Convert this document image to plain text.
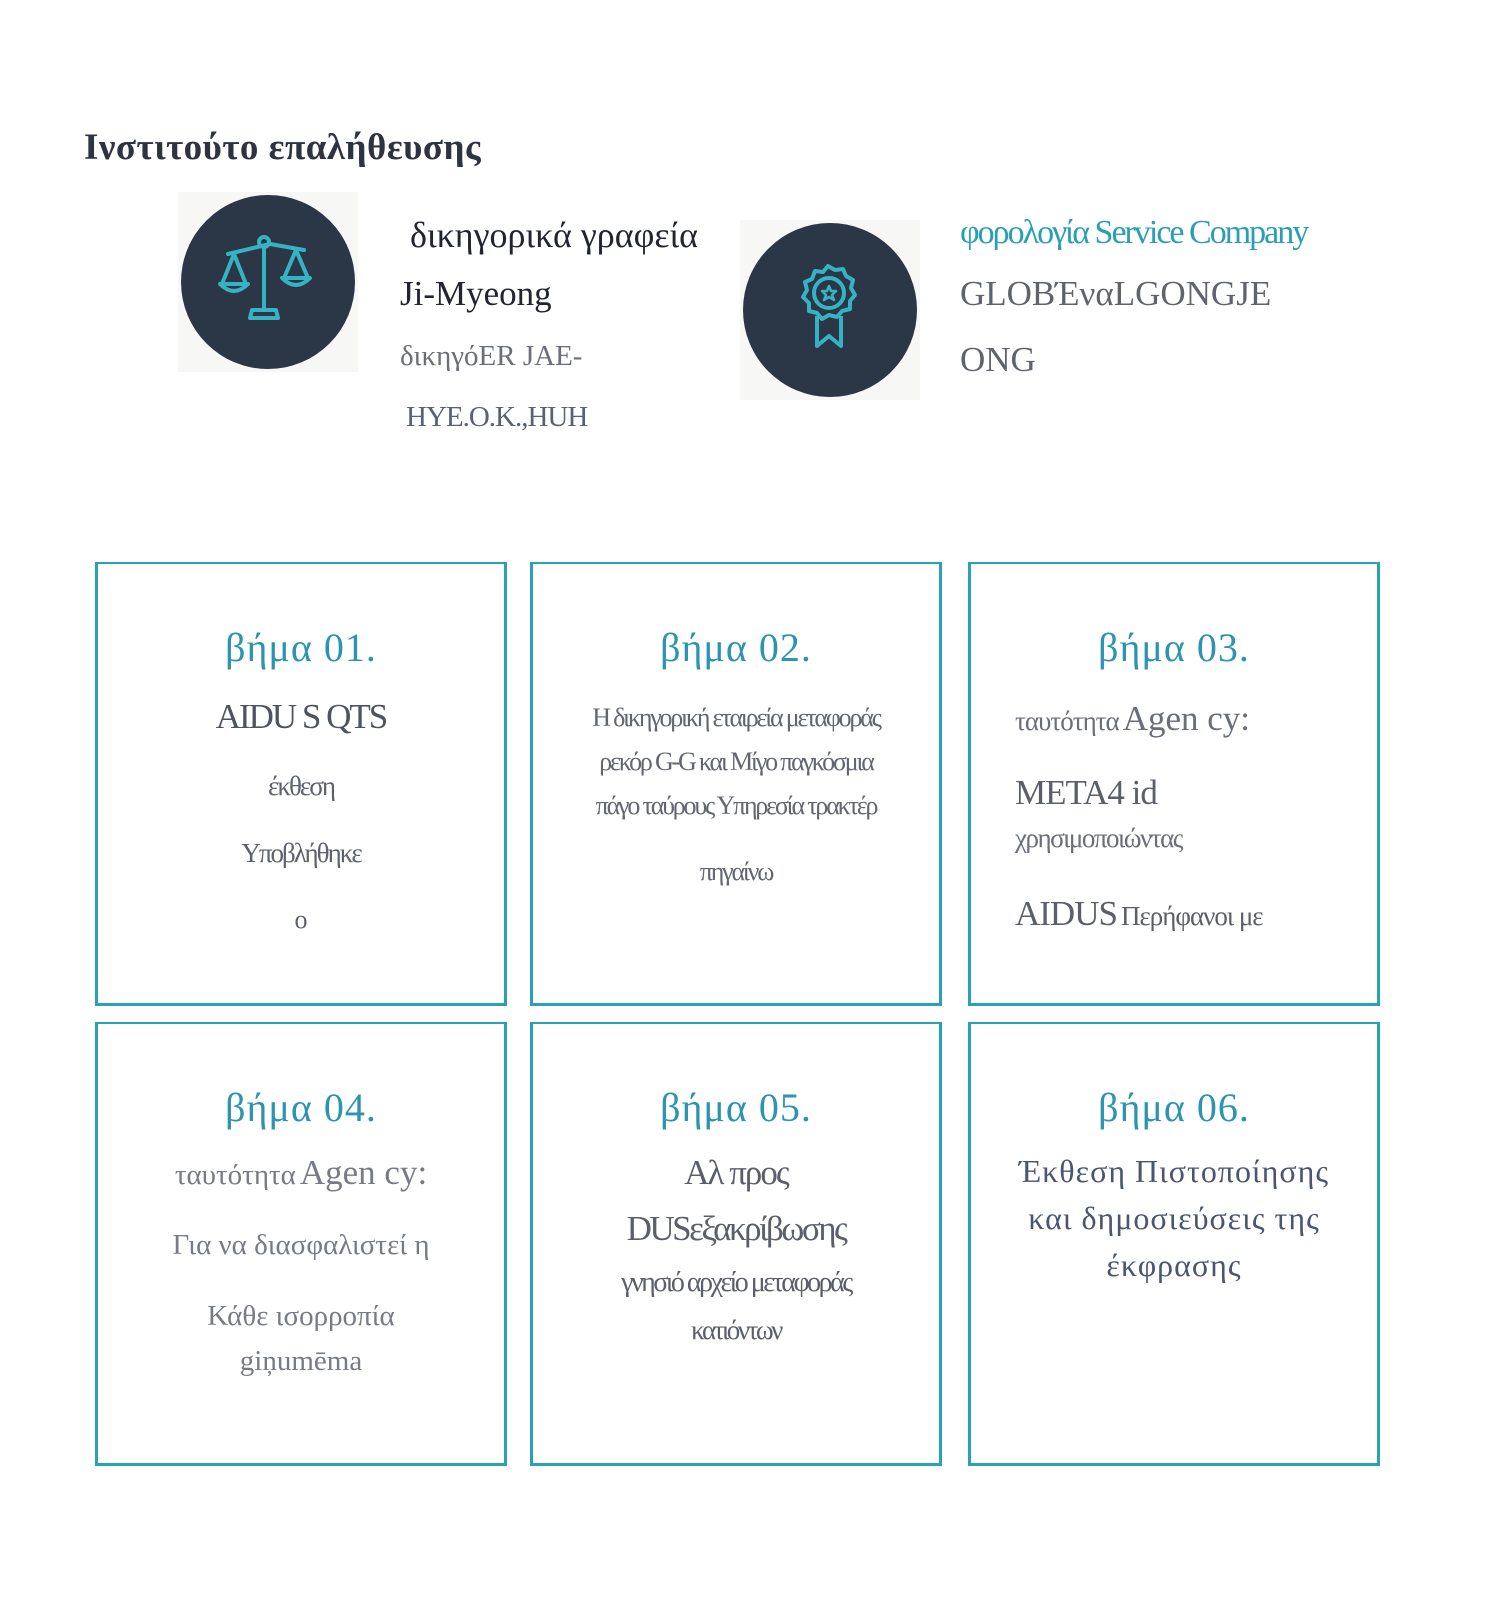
Ινστιτούτο επαλήθευσης
δικηγορικά γραφεία
Ji-Myeong
δικηγόER JAE-
HYE.O.K.,HUH
φορολογία Service Company
GLOBΈναLGONGJE
ONG
βήμα 01.
AIDU S QTS
έκθεση
Υποβλήθηκε
ο
βήμα 02.
Η δικηγορική εταιρεία μεταφοράς
ρεκόρ G-G και Μίγο παγκόσμια
πάγο ταύρους Υπηρεσία τρακτέρ
πηγαίνω
βήμα 03.
ταυτότητα Agen cy:
META4 id
χρησιμοποιώντας
AIDUS Περήφανοι με
βήμα 04.
ταυτότητα Agen cy:
Για να διασφαλιστεί η
Κάθε ισορροπία
giņumēma
βήμα 05.
Αλ προς
DUSεξακρίβωσης
γνησιό αρχείο μεταφοράς
κατιόντων
βήμα 06.
Έκθεση Πιστοποίησης
και δημοσιεύσεις της
έκφρασης
